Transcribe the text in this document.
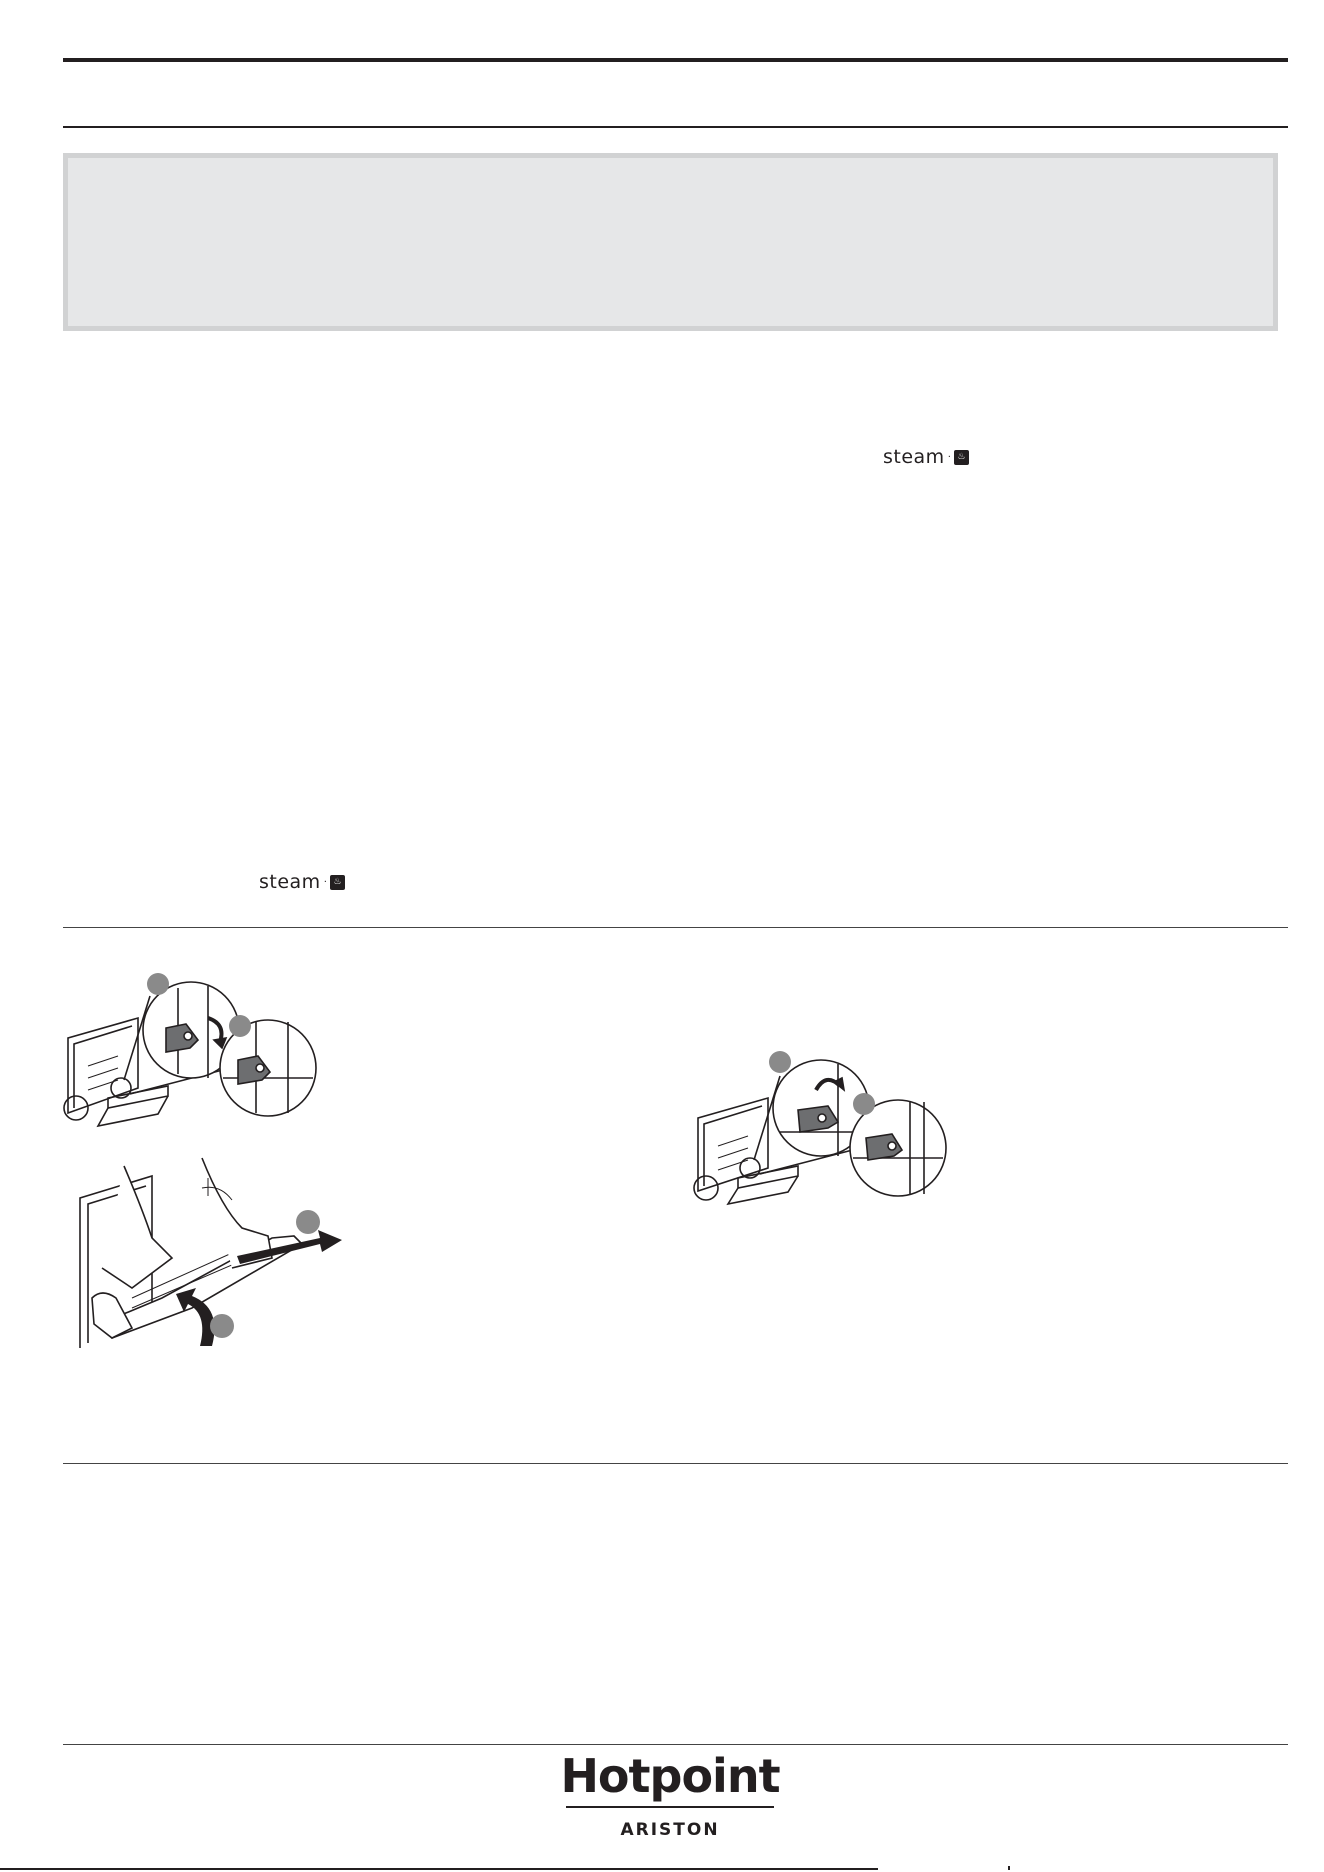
steam · ♨
steam · ♨
Hotpoint
ARISTON
